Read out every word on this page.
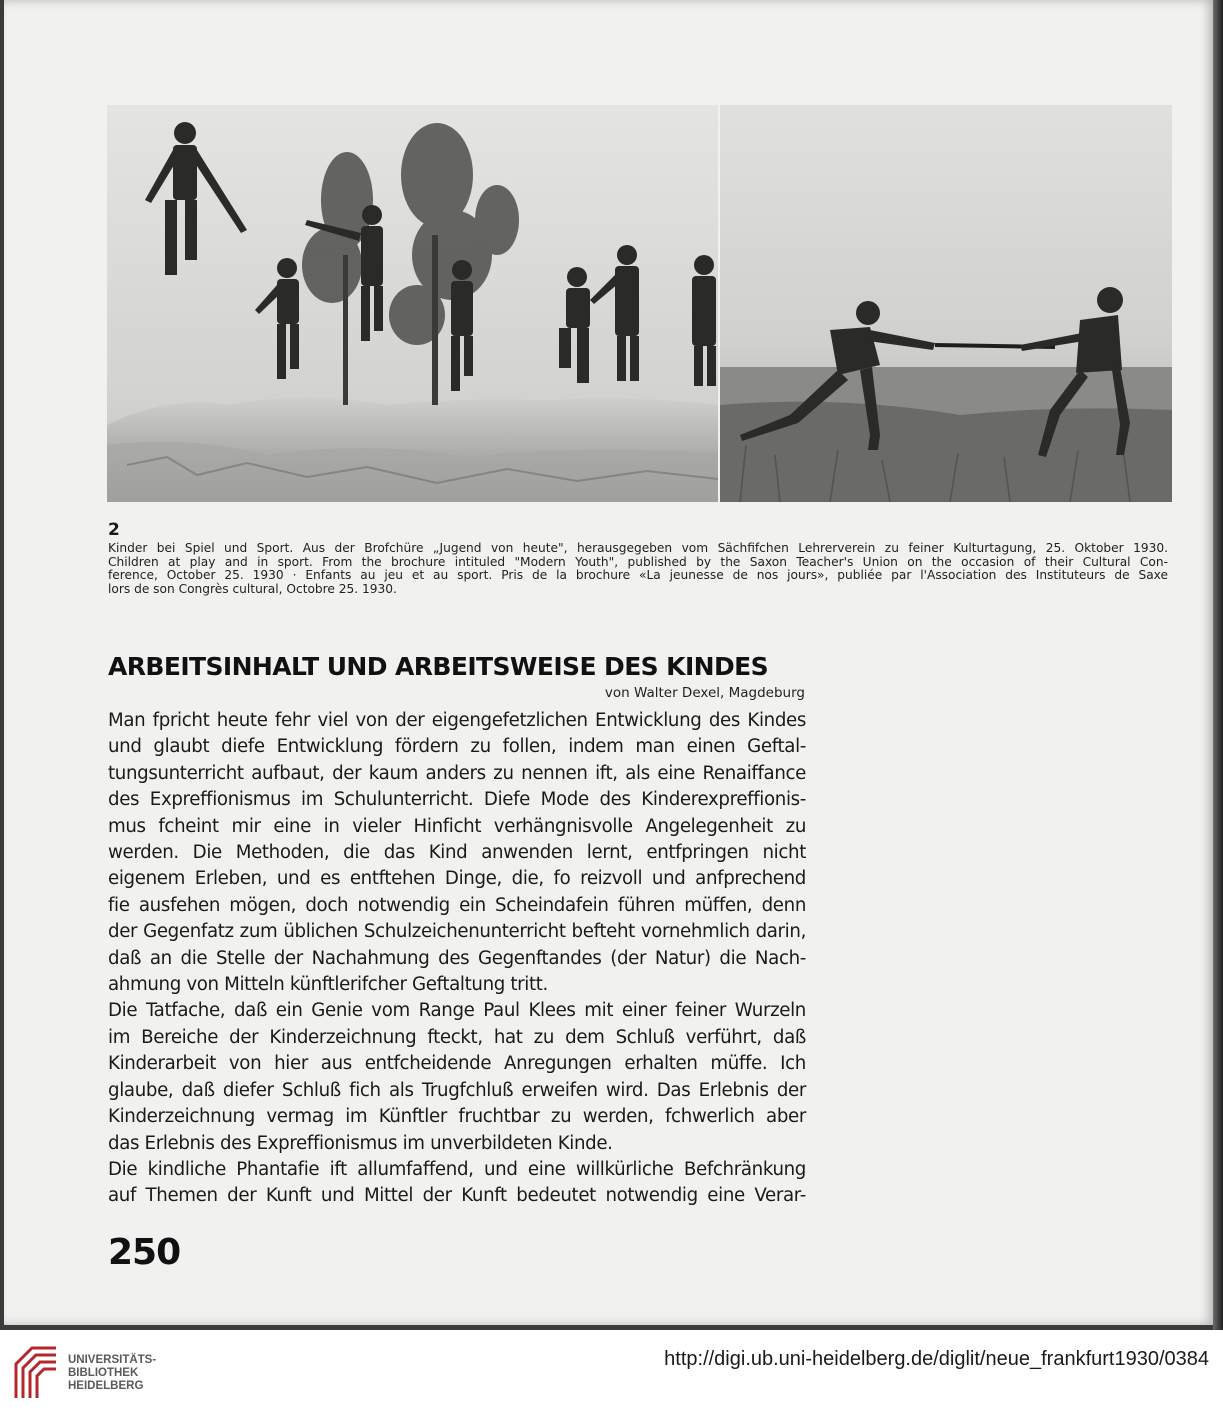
2
Kinder bei Spiel und Sport. Aus der Brofchüre „Jugend von heute", herausgegeben vom Sächfifchen Lehrerverein zu feiner Kulturtagung, 25. Oktober 1930.
Children at play and in sport. From the brochure intituled "Modern Youth", published by the Saxon Teacher's Union on the occasion of their Cultural Con-
ference, October 25. 1930 · Enfants au jeu et au sport. Pris de la brochure «La jeunesse de nos jours», publiée par l'Association des Instituteurs de Saxe
lors de son Congrès cultural, Octobre 25. 1930.
ARBEITSINHALT UND ARBEITSWEISE DES KINDES
von Walter Dexel, Magdeburg
Man fpricht heute fehr viel von der eigengefetzlichen Entwicklung des Kindes
und glaubt diefe Entwicklung fördern zu follen, indem man einen Geftal-
tungsunterricht aufbaut, der kaum anders zu nennen ift, als eine Renaiffance
des Expreffionismus im Schulunterricht. Diefe Mode des Kinderexpreffionis-
mus fcheint mir eine in vieler Hinficht verhängnisvolle Angelegenheit zu
werden. Die Methoden, die das Kind anwenden lernt, entfpringen nicht
eigenem Erleben, und es entftehen Dinge, die, fo reizvoll und anfprechend
fie ausfehen mögen, doch notwendig ein Scheindafein führen müffen, denn
der Gegenfatz zum üblichen Schulzeichenunterricht befteht vornehmlich darin,
daß an die Stelle der Nachahmung des Gegenftandes (der Natur) die Nach-
ahmung von Mitteln künftlerifcher Geftaltung tritt.
Die Tatfache, daß ein Genie vom Range Paul Klees mit einer feiner Wurzeln
im Bereiche der Kinderzeichnung fteckt, hat zu dem Schluß verführt, daß
Kinderarbeit von hier aus entfcheidende Anregungen erhalten müffe. Ich
glaube, daß diefer Schluß fich als Trugfchluß erweifen wird. Das Erlebnis der
Kinderzeichnung vermag im Künftler fruchtbar zu werden, fchwerlich aber
das Erlebnis des Expreffionismus im unverbildeten Kinde.
Die kindliche Phantafie ift allumfaffend, und eine willkürliche Befchränkung
auf Themen der Kunft und Mittel der Kunft bedeutet notwendig eine Verar-
250
UNIVERSITÄTS-
BIBLIOTHEK
HEIDELBERG
http://digi.ub.uni-heidelberg.de/diglit/neue_frankfurt1930/0384
